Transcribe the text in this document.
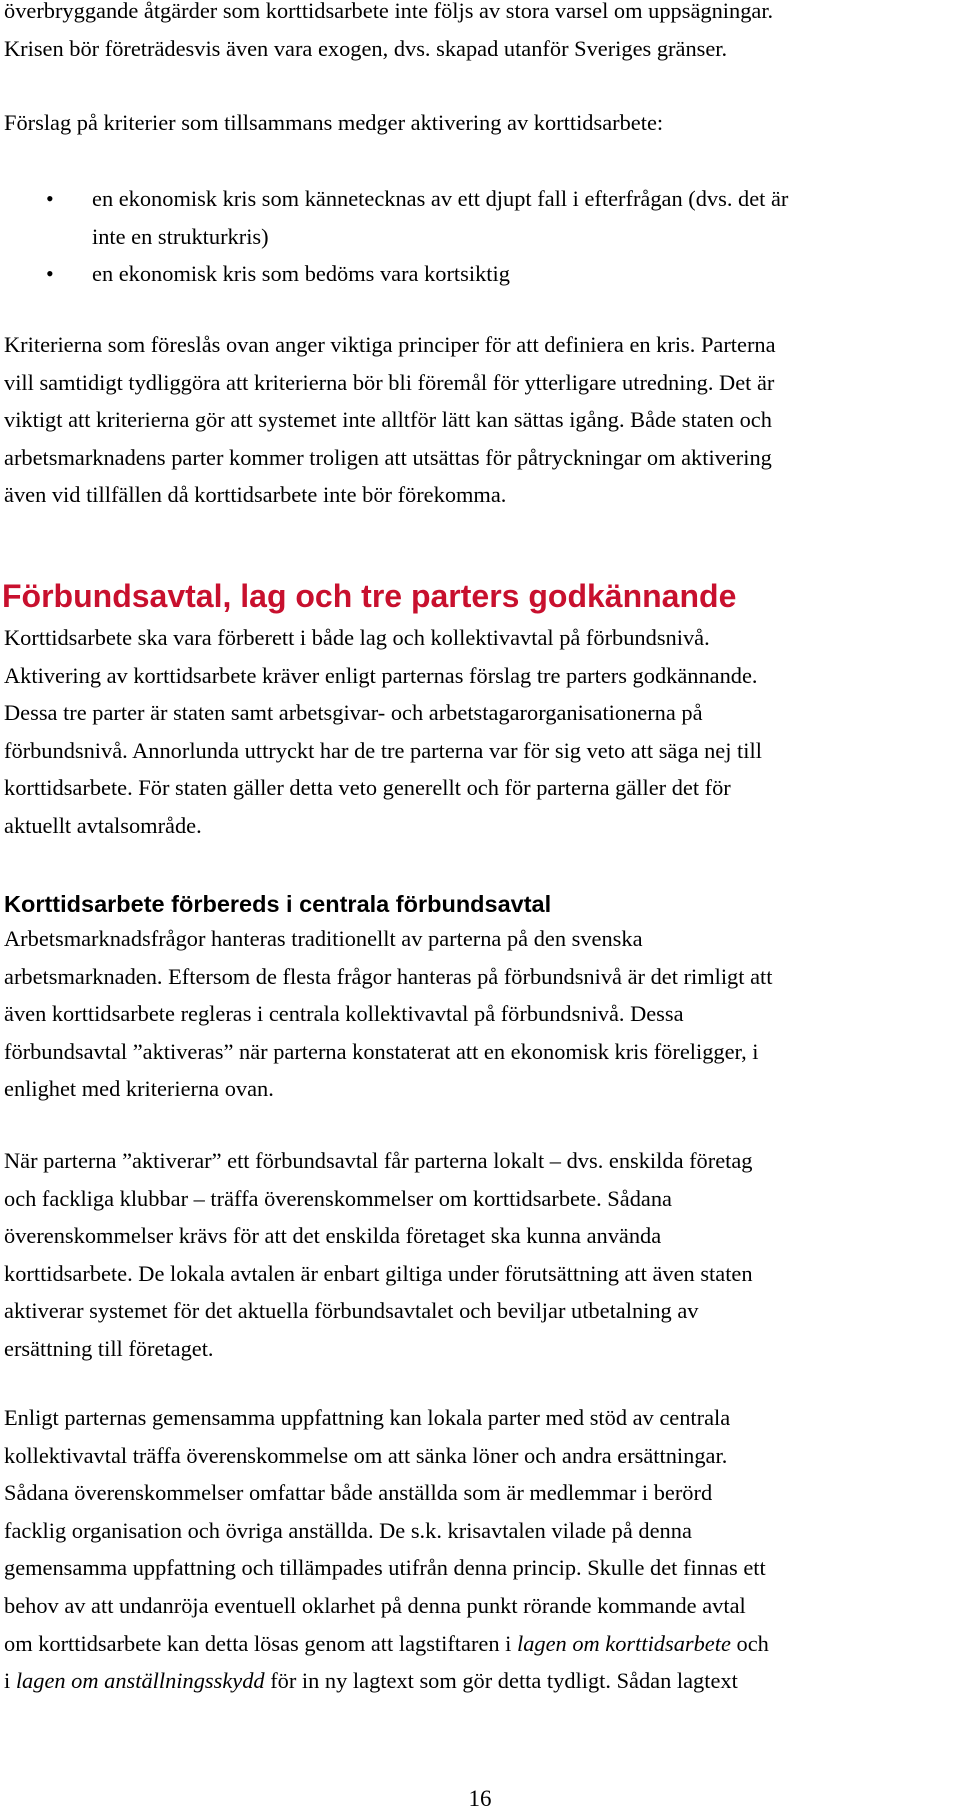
överbryggande åtgärder som korttidsarbete inte följs av stora varsel om uppsägningar.
Krisen bör företrädesvis även vara exogen, dvs. skapad utanför Sveriges gränser.

Förslag på kriterier som tillsammans medger aktivering av korttidsarbete:

• en ekonomisk kris som kännetecknas av ett djupt fall i efterfrågan (dvs. det är
inte en strukturkris)
• en ekonomisk kris som bedöms vara kortsiktig

Kriterierna som föreslås ovan anger viktiga principer för att definiera en kris. Parterna
vill samtidigt tydliggöra att kriterierna bör bli föremål för ytterligare utredning. Det är
viktigt att kriterierna gör att systemet inte alltför lätt kan sättas igång. Både staten och
arbetsmarknadens parter kommer troligen att utsättas för påtryckningar om aktivering
även vid tillfällen då korttidsarbete inte bör förekomma.

Förbundsavtal, lag och tre parters godkännande

Korttidsarbete ska vara förberett i både lag och kollektivavtal på förbundsnivå.
Aktivering av korttidsarbete kräver enligt parternas förslag tre parters godkännande.
Dessa tre parter är staten samt arbetsgivar- och arbetstagarorganisationerna på
förbundsnivå. Annorlunda uttryckt har de tre parterna var för sig veto att säga nej till
korttidsarbete. För staten gäller detta veto generellt och för parterna gäller det för
aktuellt avtalsområde.

Korttidsarbete förbereds i centrala förbundsavtal

Arbetsmarknadsfrågor hanteras traditionellt av parterna på den svenska
arbetsmarknaden. Eftersom de flesta frågor hanteras på förbundsnivå är det rimligt att
även korttidsarbete regleras i centrala kollektivavtal på förbundsnivå. Dessa
förbundsavtal ”aktiveras” när parterna konstaterat att en ekonomisk kris föreligger, i
enlighet med kriterierna ovan.

När parterna ”aktiverar” ett förbundsavtal får parterna lokalt – dvs. enskilda företag
och fackliga klubbar – träffa överenskommelser om korttidsarbete. Sådana
överenskommelser krävs för att det enskilda företaget ska kunna använda
korttidsarbete. De lokala avtalen är enbart giltiga under förutsättning att även staten
aktiverar systemet för det aktuella förbundsavtalet och beviljar utbetalning av
ersättning till företaget.

Enligt parternas gemensamma uppfattning kan lokala parter med stöd av centrala
kollektivavtal träffa överenskommelse om att sänka löner och andra ersättningar.
Sådana överenskommelser omfattar både anställda som är medlemmar i berörd
facklig organisation och övriga anställda. De s.k. krisavtalen vilade på denna
gemensamma uppfattning och tillämpades utifrån denna princip. Skulle det finnas ett
behov av att undanröja eventuell oklarhet på denna punkt rörande kommande avtal
om korttidsarbete kan detta lösas genom att lagstiftaren i lagen om korttidsarbete och
i lagen om anställningsskydd för in ny lagtext som gör detta tydligt. Sådan lagtext

16
